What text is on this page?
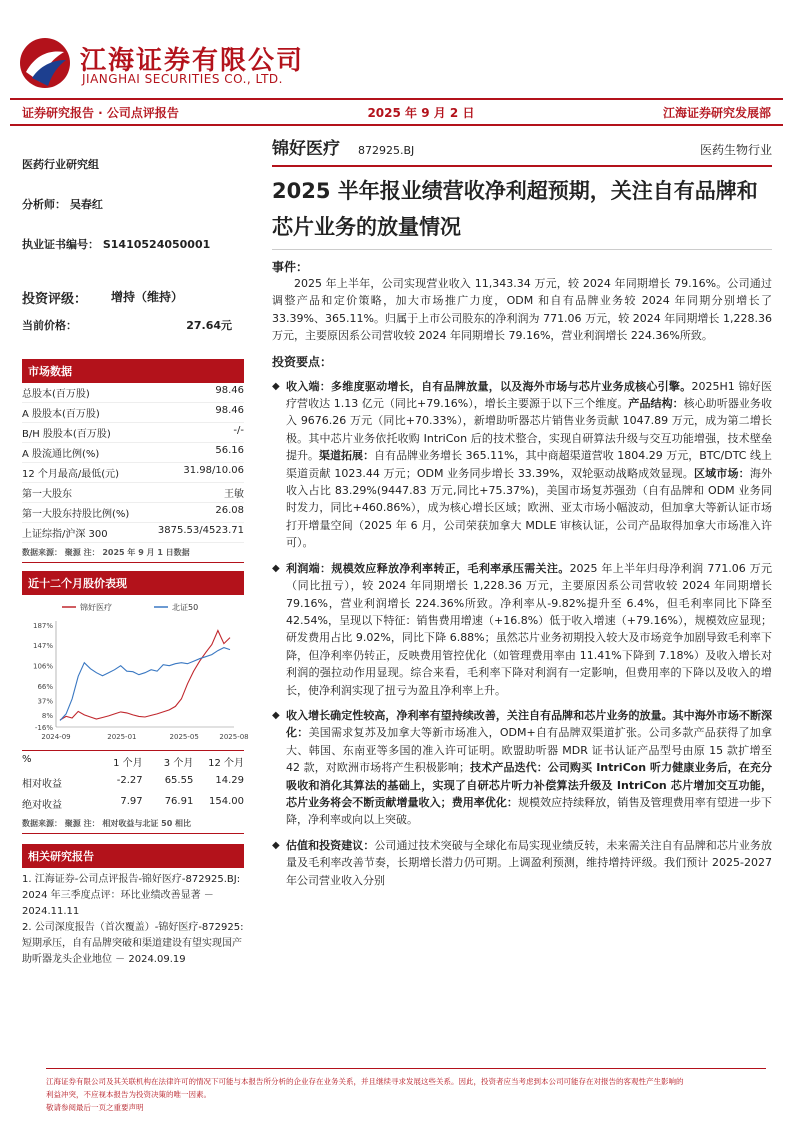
江海证券有限公司
JIANGHAI SECURITIES CO., LTD.
证券研究报告 · 公司点评报告	2025 年 9 月 2 日	江海证券研究发展部
医药行业研究组
分析师： 吴春红
执业证书编号： S1410524050001
投资评级： 增持（维持）
当前价格：	27.64元
市场数据
总股本(百万股)	98.46
A 股股本(百万股)	98.46
B/H 股股本(百万股)	-/-
A 股流通比例(%)	56.16
12 个月最高/最低(元)	31.98/10.06
第一大股东	王敏
第一大股东持股比例(%)	26.08
上证综指/沪深 300	3875.53/4523.71
数据来源： 聚源 注： 2025 年 9 月 1 日数据
近十二个月股价表现
锦好医疗	北证50
-16%
8%
37%
66%
106%
147%
187%
2024-09	2025-01	2025-05	2025-08
%	1 个月	3 个月	12 个月
相对收益	-2.27	65.55	14.29
绝对收益	7.97	76.91	154.00
数据来源： 聚源 注： 相对收益与北证 50 相比
相关研究报告
1. 江海证券-公司点评报告-锦好医疗-872925.BJ: 2024 年三季度点评：环比业绩改善显著 － 2024.11.11
2. 公司深度报告（首次覆盖）-锦好医疗-872925: 短期承压，自有品牌突破和渠道建设有望实现国产助听器龙头企业地位 － 2024.09.19
锦好医疗 872925.BJ	医药生物行业
2025 半年报业绩营收净利超预期，关注自有品牌和芯片业务的放量情况
事件：
2025 年上半年，公司实现营业收入 11,343.34 万元，较 2024 年同期增长 79.16%。公司通过调整产品和定价策略，加大市场推广力度，ODM 和自有品牌业务较 2024 年同期分别增长了 33.39%、365.11%。归属于上市公司股东的净利润为 771.06 万元，较 2024 年同期增长 1,228.36 万元，主要原因系公司营收较 2024 年同期增长 79.16%，营业利润增长 224.36%所致。
投资要点：
◆ 收入端：多维度驱动增长，自有品牌放量，以及海外市场与芯片业务成核心引擎。2025H1 锦好医疗营收达 1.13 亿元（同比+79.16%），增长主要源于以下三个维度。产品结构：核心助听器业务收入 9676.26 万元（同比+70.33%），新增助听器芯片销售业务贡献 1047.89 万元，成为第二增长极。其中芯片业务依托收购 IntriCon 后的技术整合，实现自研算法升级与交互功能增强，技术壁垒提升。渠道拓展：自有品牌业务增长 365.11%，其中商超渠道营收 1804.29 万元，BTC/DTC 线上渠道贡献 1023.44 万元；ODM 业务同步增长 33.39%，双轮驱动战略成效显现。区域市场：海外收入占比 83.29%(9447.83 万元,同比+75.37%)，美国市场复苏强劲（自有品牌和 ODM 业务同时发力，同比+460.86%），成为核心增长区域；欧洲、亚太市场小幅波动，但加拿大等新认证市场打开增量空间（2025 年 6 月，公司荣获加拿大 MDLE 审核认证，公司产品取得加拿大市场准入许可）。
◆ 利润端：规模效应释放净利率转正，毛利率承压需关注。2025 年上半年归母净利润 771.06 万元（同比扭亏），较 2024 年同期增长 1,228.36 万元，主要原因系公司营收较 2024 年同期增长 79.16%，营业利润增长 224.36%所致。净利率从-9.82%提升至 6.4%，但毛利率同比下降至 42.54%，呈现以下特征：销售费用增速（+16.8%）低于收入增速（+79.16%），规模效应显现；研发费用占比 9.02%，同比下降 6.88%；虽然芯片业务初期投入较大及市场竞争加剧导致毛利率下降，但净利率仍转正，反映费用管控优化（如管理费用率由 11.41%下降到 7.18%）及收入增长对利润的强拉动作用显现。综合来看，毛利率下降对利润有一定影响，但费用率的下降以及收入的增长，使净利润实现了扭亏为盈且净利率上升。
◆ 收入增长确定性较高，净利率有望持续改善，关注自有品牌和芯片业务的放量。其中海外市场不断深化：美国需求复苏及加拿大等新市场准入，ODM+自有品牌双渠道扩张。公司多款产品获得了加拿大、韩国、东南亚等多国的准入许可证明。欧盟助听器 MDR 证书认证产品型号由原 15 款扩增至 42 款，对欧洲市场将产生积极影响；技术产品迭代：公司购买 IntriCon 听力健康业务后，在充分吸收和消化其算法的基础上，实现了自研芯片听力补偿算法升级及 IntriCon 芯片增加交互功能，芯片业务将会不断贡献增量收入；费用率优化：规模效应持续释放，销售及管理费用率有望进一步下降，净利率或向以上突破。
◆ 估值和投资建议：公司通过技术突破与全球化布局实现业绩反转，未来需关注自有品牌和芯片业务放量及毛利率改善节奏，长期增长潜力仍可期。上调盈利预测，维持增持评级。我们预计 2025-2027 年公司营业收入分别
江海证券有限公司及其关联机构在法律许可的情况下可能与本报告所分析的企业存在业务关系，并且继续寻求发展这些关系。因此，投资者应当考虑到本公司可能存在对报告的客观性产生影响的
利益冲突，不应视本报告为投资决策的唯一因素。
敬请参阅最后一页之重要声明
